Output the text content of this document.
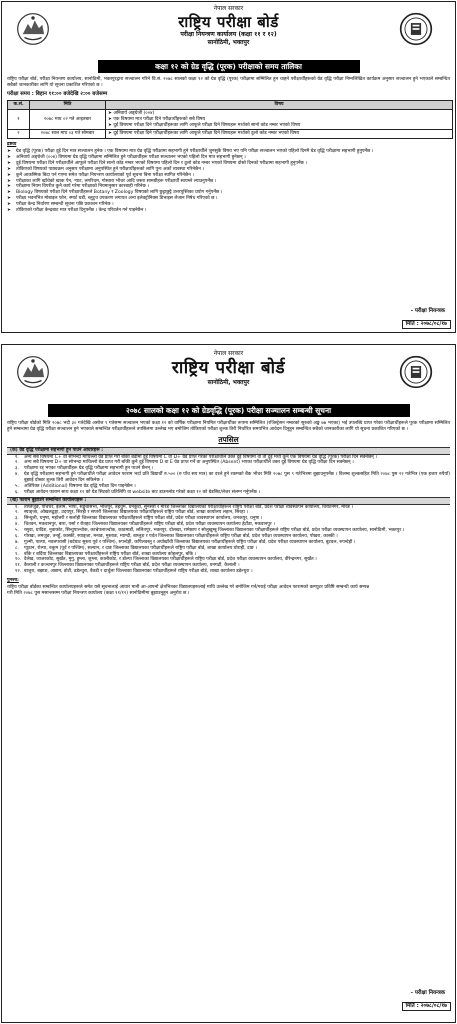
नेपाल सरकार
राष्ट्रिय परीक्षा बोर्ड
परीक्षा नियन्त्रण कार्यालय (कक्षा ११ र १२)
सानोठिमी, भक्तपुर
कक्षा १२ को ग्रेड वृद्धि (पूरक) परीक्षाको समय तालिका

राष्ट्रिय परीक्षा बोर्ड, परीक्षा नियन्त्रण कार्यालय, सानोठिमी, भक्तपुरद्वारा सञ्चालन गरिने वि.सं. २०७८ सालको कक्षा १२ को ग्रेड वृद्धि (पूरक) परीक्षामा सम्मिलित हुन चाहने परीक्षार्थीहरूको ग्रेड वृद्धि परीक्षा निम्नलिखित कार्यक्रम अनुसार सञ्चालन हुने भएकाले सम्बन्धित सबैको जानकारीका लागि यो सूचना प्रकाशित गरिएको छ ।

परीक्षा समय : बिहान ११:०० बजेदेखि २:०० बजेसम्म
क.सं.	मिति	विषय
१	२०७८ माघ ०२ गते आइतबार	➤ अनिवार्य अङ्ग्रेजी (००४)
➤ एक विषयमा मात्र परीक्षा दिने परीक्षार्थीहरूको सबै विषय
➤ दुई विषयमा परीक्षा दिने परीक्षार्थीहरूका लागि आफूले परीक्षा दिने विषयहरू मध्येको सानो कोड नम्बर भएको विषय

२	२०७८ साल माघ ०३ गते सोमबार	➤ दुई विषयमा परीक्षा दिने परीक्षार्थीहरूका लागि आफूले परीक्षा दिने विषयहरू मध्येको ठूलो कोड नम्बर भएको विषय
द्रष्टव्य
➤ ग्रेड वृद्धि (पूरक) परीक्षा दुई दिन मात्र सञ्चालन हुनेछ । एक विषयमा मात्र ग्रेड वृद्धि परीक्षामा सहभागी हुने परीक्षार्थीले जुनसुकै विषय भए पनि परीक्षा सञ्चालन भएको पहिलो दिनमै ग्रेड वृद्धि परीक्षामा सहभागी हुनुपर्नेछ ।
➤ अनिवार्य अङ्ग्रेजी (००४) विषयमा ग्रेड वृद्धि परीक्षामा सम्मिलित हुने परीक्षार्थीहरू परीक्षा सञ्चालन भएको पहिलो दिन मात्र सहभागी हुनेछन् ।
➤ दुई विषयमा परीक्षा दिने परीक्षार्थीले आफूले परीक्षा दिने सानो कोड नम्बर भएको विषयमा पहिलो दिन र ठूलो कोड नम्बर भएको विषयमा दोस्रो दिनको परीक्षामा सहभागी हुनुपर्नेछ ।
➤ तोकिएको विषयको पाठ्यक्रम अनुसार परीक्षामा अनुपस्थित हुने परीक्षार्थीहरूको लागि पुनः अर्को व्यवस्था गरिनेछैन ।
➤ कुनै आकस्मिक बिदा पर्न गएमा समेत परीक्षा नियन्त्रण कार्यालयको पूर्व सूचना बिना परीक्षा स्थगित गरिनेछैन ।
➤ परीक्षाका लागि खाँचेको खाक पेन, र्‍याट, लगरिथम, गोस्वारा भौचर आदि जस्ता सामग्रीहरू परीक्षार्थी स्वयम्ले ल्याउनुपर्नेछ ।
➤ परीक्षामा नियम विपरीत कुनै कार्य गरेमा परीक्षाको नियमानुसार कारबाही गरिनेछ ।
➤ Biology विषयको परीक्षा दिने परीक्षार्थीहरूले Botany र Zoology विषयको लागि छुट्टाछुट्टै उत्तरपुस्तिका प्रयोग गर्नुपर्नेछ ।
➤ परीक्षा भवनभित्र मोबाइल फोन, स्मार्ट घडी, ब्लुटुथ उपकरण लगायत अन्य इलेक्ट्रोनिक्स डिभाइस लैजान निषेध गरिएको छ ।
➤ परीक्षा केन्द्र निर्धारण सम्बन्धी सूचना पछि प्रकाशन गरिनेछ ।
➤ तोकिएको परीक्षा केन्द्रबाट मात्र परीक्षा दिनुपर्नेछ । केन्द्र परिवर्तन गर्न पाइनेछैन ।
- परीक्षा नियन्त्रक
मिति : २०७८/०८/१७
नेपाल सरकार
राष्ट्रिय परीक्षा बोर्ड
सानोठिमी, भक्तपुर
२०७८ सालको कक्षा १२ को ग्रेडवृद्धि (पूरक) परीक्षा सञ्चालन सम्बन्धी सूचना

राष्ट्रिय परीक्षा बोर्डको मिति २०७८ भदौ ३० गतेदेखि असोज ९ गतेसम्म सञ्चालन भएको कक्षा १२ को वार्षिक परीक्षामा नियमित परीक्षार्थीका रूपमा सम्मिलित (रजिस्ट्रेसन नम्बरको सुरुको अङ्क ७७ भएका) भई उपलब्धि प्राप्त गरेका परीक्षार्थीहरूले पूरक परीक्षामा सम्मिलित हुने सम्बन्धमा ग्रेड वृद्धि परीक्षा सञ्चालन हुने भएकाले सम्बन्धित परीक्षार्थीहरूले तपसिलमा उल्लेख भए बमोजिम तोकिएको परीक्षा शुल्क तिरी निर्धारित समयभित्र आवेदन दिनुहुन सम्बन्धित सबैको जानकारीका लागि यो सूचना प्रकाशित गरिएको छ ।

तपसिल
(क) ग्रेड वृद्धि परीक्षामा सहभागी हुन पाउने आधारहरू :
१. अन्य सबै विषयमा C+ वा सोभन्दा माथिल्लो ग्रेड प्राप्त गरी बाँकी बढीमा दुई विषयमा C वा D+ ग्रेड प्राप्त गरेका परीक्षार्थीले उक्त दुई विषयमा वा ती दुई मध्ये कुनै एक विषयमा ग्रेड वृद्धि (पूरक) परीक्षा दिन सक्नेछन् ।
२. अन्य सबै विषयमा D+ वा सोभन्दा माथिल्लो ग्रेड प्राप्त गरी बाँकी कुनै दुई विषयमा D वा E ग्रेड प्राप्त गर्ने वा अनुपस्थित (Absent) भएका परीक्षार्थीले उक्त दुई विषयमा ग्रेड वृद्धि परीक्षा दिन सक्नेछन् ।
३. परीक्षामा रद्द भएका परीक्षार्थीहरू ग्रेड वृद्धि परीक्षामा सहभागी हुन पाउने छैनन् ।
४. ग्रेड वृद्धि परीक्षामा सहभागी हुने परीक्षार्थीले परीक्षा आवेदन फाराम भर्दा प्रति विद्यार्थी रु.५०० (रु पाँच सय मात्र) का दरले हुने रकमको बैंक भौचर मिति २०७८ पुस ९ गतेभित्रमा बुझाउनुपर्नेछ । विलम्ब शुल्कसहित मिति २०७८ पुस २२ गतेभित्र (एक हजार रुपैयाँ) बुझाई दोब्बर शुल्क तिरी आवेदन दिन सकिनेछ ।
५. अतिरिक्त (Additional) विषयमा ग्रेड वृद्धि परीक्षा दिन पाइनेछैन ।
६. परीक्षा आवेदन फाराम साथ कक्षा १२ को ग्रेड सिटको प्रतिलिपि वा website बाट डाउनलोड गरेको कक्षा १२ को ग्रेडसिट/लेजर संलग्न गर्नुपर्नेछ ।
(ख) फाराम बुझाउने सम्बन्धित कार्यालयहरू :
१. ताप्लेजुङ, पाँचथर, इलाम, भापा, सङ्खुवासभा, भोजपुर, तेह्रथुम, धनकुटा, सुनसरी र मोरङ जिल्लाका विद्यालयका परीक्षार्थीहरूले राष्ट्रिय परीक्षा बोर्ड, प्रदेश परीक्षा व्यवस्थापन कार्यालय, विराटनगर, मोरङ ।
२. स्याङ्जा, ओखलढुङ्गा, उदयपुर, सिरहा र सप्तरी जिल्लाका विद्यालयका परीक्षार्थीहरूले राष्ट्रिय परीक्षा बोर्ड, शाखा कार्यालय लहान, सिरहा ।
३. सिन्धुली, धनुषा, महोत्तरी र सर्लाही जिल्लाका विद्यालयका परीक्षार्थीहरूले राष्ट्रिय परीक्षा बोर्ड, प्रदेश परीक्षा व्यवस्थापन कार्यालय, जनकपुर, धनुषा ।
४. चितवन, मकवानपुर, बारा, पर्सा र रौतहट जिल्लाका विद्यालयका परीक्षार्थीहरूले राष्ट्रिय परीक्षा बोर्ड, प्रदेश परीक्षा व्यवस्थापन कार्यालय हेटौंडा, मकवानपुर ।
५. रसुवा, धादिङ, नुवाकोट, सिन्धुपाल्चोक, काभ्रेपलाञ्चोक, काठमाडौं, ललितपुर, भक्तपुर, दोलखा, रामेछाप र सोलुखुम्बु जिल्लाका विद्यालयका परीक्षार्थीहरूले राष्ट्रिय परीक्षा बोर्ड, प्रदेश परीक्षा व्यवस्थापन कार्यालय, सानोठिमी, भक्तपुर ।
६. गोरखा, लमजुङ, तनहुँ, कास्की, स्याङ्जा, मनाङ, मुस्ताङ, म्याग्दी, बाग्लुङ र पर्वत जिल्लाका विद्यालयका परीक्षार्थीहरूले राष्ट्रिय परीक्षा बोर्ड, प्रदेश परीक्षा व्यवस्थापन कार्यालय, पोखरा, कास्की ।
७. गुल्मी, पाल्पा, नवलपरासी (बर्दघाट सुस्ता पूर्व र पश्चिम), रुपन्देही, कपिलवस्तु र अर्घाखाँची जिल्लाका विद्यालयका परीक्षार्थीहरूले राष्ट्रिय परीक्षा बोर्ड, प्रदेश परीक्षा व्यवस्थापन कार्यालय, बुटवल, रुपन्देही ।
८. प्यूठान, रोल्पा, रुकुम (पूर्व र पश्चिम), सल्यान, र दाङ जिल्लाका विद्यालयका परीक्षार्थीहरूले राष्ट्रिय परीक्षा बोर्ड, शाखा कार्यालय घोराही, दाङ ।
९. बाँके र बर्दिया जिल्लाका विद्यालयका परीक्षार्थीहरूले राष्ट्रिय परीक्षा बोर्ड, शाखा कार्यालय कोहलपुर, बाँके ।
१०. दैलेख, जाजरकोट, सुर्खेत, मुगु, हुम्ला, जुम्ला, कालीकोट, र डोल्पा जिल्लाका विद्यालयका परीक्षार्थीहरूले राष्ट्रिय परीक्षा बोर्ड, प्रदेश परीक्षा व्यवस्थापन कार्यालय, वीरेन्द्रनगर, सुर्खेत ।
११. कैलाली र कञ्चनपुर जिल्लाका विद्यालयका परीक्षार्थीहरूले राष्ट्रिय परीक्षा बोर्ड, प्रदेश परीक्षा व्यवस्थापन कार्यालय, धनगढी, कैलाली ।
१२. बाजुरा, बझाङ, अछाम, डोटी, डडेल्धुरा, बैतडी र दार्चुला जिल्लाका विद्यालयका परीक्षार्थीहरूले राष्ट्रिय परीक्षा बोर्ड, शाखा कार्यालय डडेल्धुरा ।
पुनश्च:

राष्ट्रिय परीक्षा बोर्डका सम्बन्धित कार्यालयहरूले समेत यसै सूचनालाई आधार मानी आ-आफ्नो क्षेत्रभित्रका विद्यालयहरूलाई माथि उल्लेख गरे बमोजिम गर्न/गराई परीक्षा आवेदन फारामको कम्प्युटर प्रविष्टि सम्बन्धी कार्य सम्पन्न गरी मिति २०७८ पुस मसान्तसम्म परीक्षा नियन्त्रण कार्यालय (कक्षा ११/१२) सानोठिमीमा बुझाउनुहुन अनुरोध छ ।

- परीक्षा नियन्त्रक
मिति : २०७८/०८/१७
